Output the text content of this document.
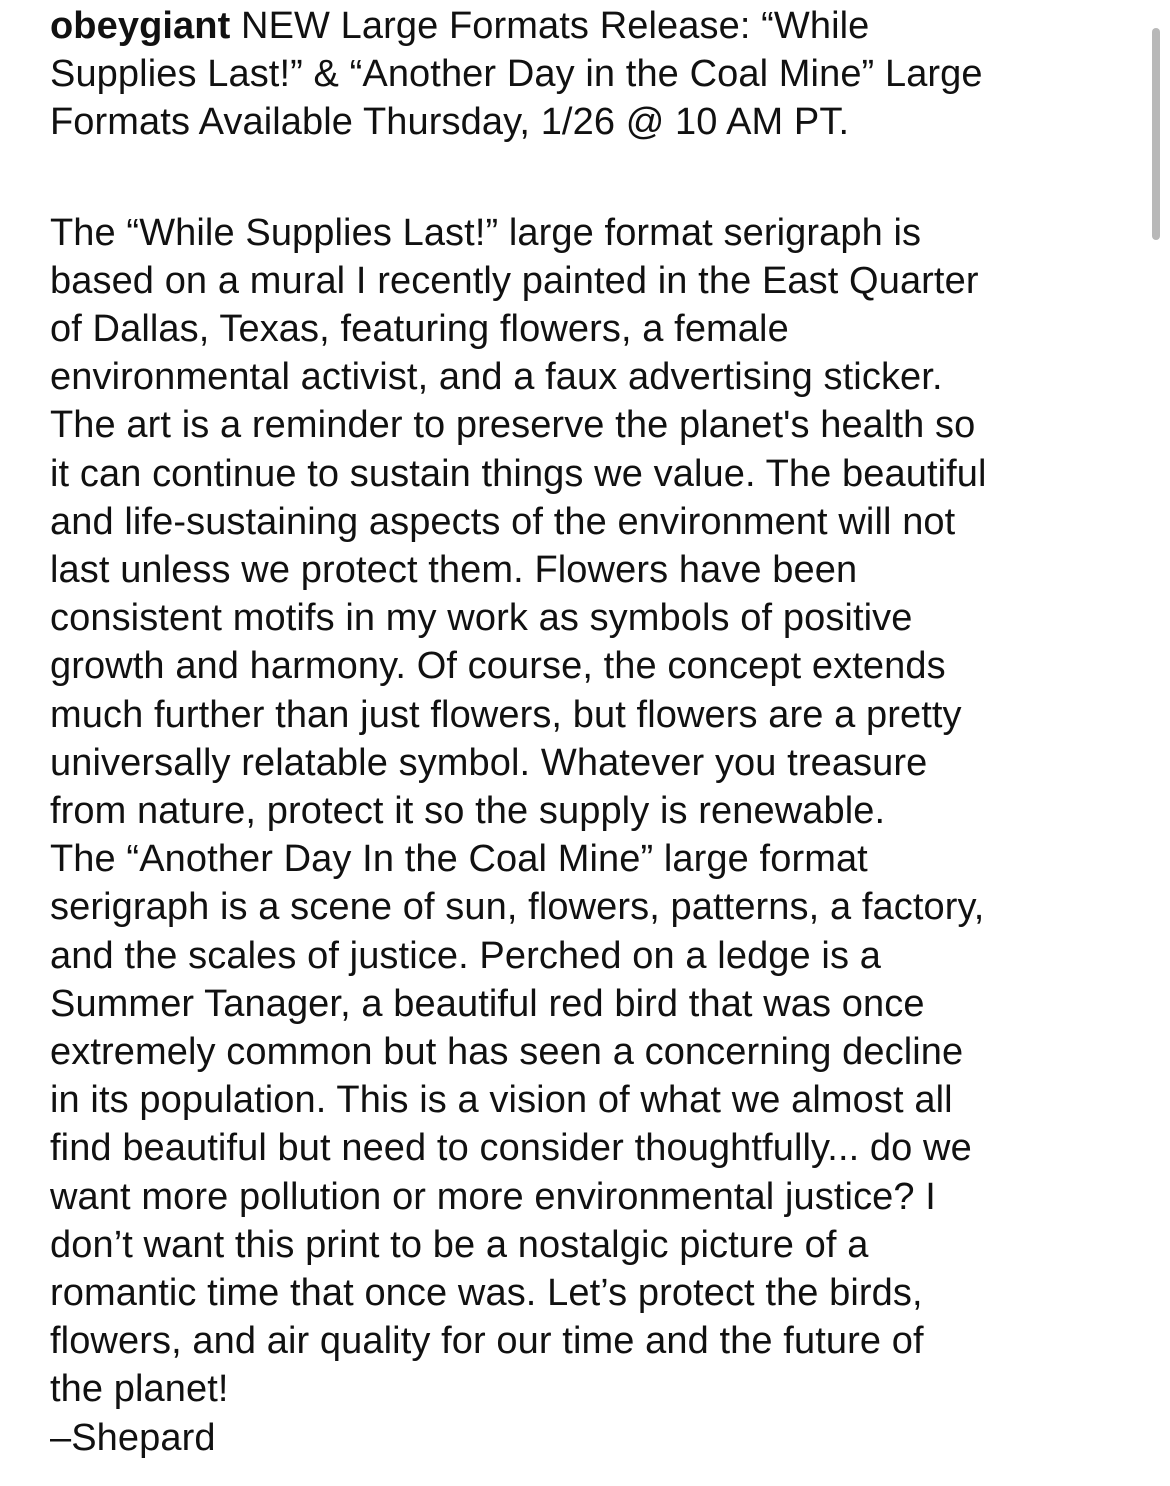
obeygiant NEW Large Formats Release: “While
Supplies Last!” & “Another Day in the Coal Mine” Large
Formats Available Thursday, 1/26 @ 10 AM PT.
The “While Supplies Last!” large format serigraph is
based on a mural I recently painted in the East Quarter
of Dallas, Texas, featuring flowers, a female
environmental activist, and a faux advertising sticker.
The art is a reminder to preserve the planet's health so
it can continue to sustain things we value. The beautiful
and life-sustaining aspects of the environment will not
last unless we protect them. Flowers have been
consistent motifs in my work as symbols of positive
growth and harmony. Of course, the concept extends
much further than just flowers, but flowers are a pretty
universally relatable symbol. Whatever you treasure
from nature, protect it so the supply is renewable.
The “Another Day In the Coal Mine” large format
serigraph is a scene of sun, flowers, patterns, a factory,
and the scales of justice. Perched on a ledge is a
Summer Tanager, a beautiful red bird that was once
extremely common but has seen a concerning decline
in its population. This is a vision of what we almost all
find beautiful but need to consider thoughtfully... do we
want more pollution or more environmental justice? I
don’t want this print to be a nostalgic picture of a
romantic time that once was. Let’s protect the birds,
flowers, and air quality for our time and the future of
the planet!
–Shepard
